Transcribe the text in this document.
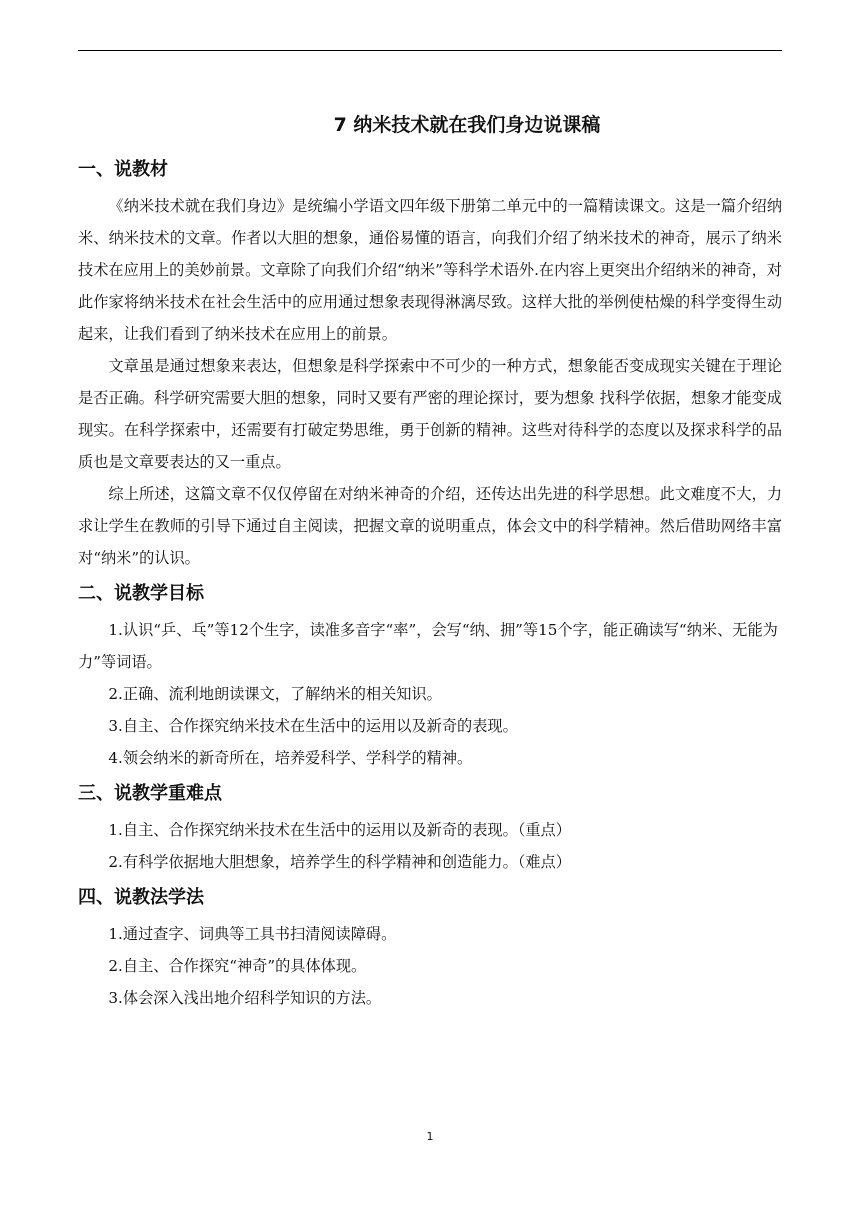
7 纳米技术就在我们身边说课稿
一、说教材

《纳米技术就在我们身边》是统编小学语文四年级下册第二单元中的一篇精读课文。这是一篇介绍纳米、纳米技术的文章。作者以大胆的想象，通俗易懂的语言，向我们介绍了纳米技术的神奇，展示了纳米技术在应用上的美妙前景。文章除了向我们介绍“纳米”等科学术语外.在内容上更突出介绍纳米的神奇，对此作家将纳米技术在社会生活中的应用通过想象表现得淋漓尽致。这样大批的举例使枯燥的科学变得生动起来，让我们看到了纳米技术在应用上的前景。

文章虽是通过想象来表达，但想象是科学探索中不可少的一种方式，想象能否变成现实关键在于理论是否正确。科学研究需要大胆的想象，同时又要有严密的理论探讨，要为想象 找科学依据，想象才能变成现实。在科学探索中，还需要有打破定势思维，勇于创新的精神。这些对待科学的态度以及探求科学的品质也是文章要表达的又一重点。

综上所述，这篇文章不仅仅停留在对纳米神奇的介绍，还传达出先进的科学思想。此文难度不大，力求让学生在教师的引导下通过自主阅读，把握文章的说明重点，体会文中的科学精神。然后借助网络丰富对“纳米”的认识。

二、说教学目标

1.认识“乒、乓”等12个生字，读准多音字“率”，会写“纳、拥”等15个字，能正确读写“纳米、无能为力”等词语。

2.正确、流利地朗读课文，了解纳米的相关知识。

3.自主、合作探究纳米技术在生活中的运用以及新奇的表现。

4.领会纳米的新奇所在，培养爱科学、学科学的精神。

三、说教学重难点

1.自主、合作探究纳米技术在生活中的运用以及新奇的表现。（重点）

2.有科学依据地大胆想象，培养学生的科学精神和创造能力。（难点）

四、说教法学法

1.通过查字、词典等工具书扫清阅读障碍。

2.自主、合作探究“神奇”的具体体现。

3.体会深入浅出地介绍科学知识的方法。

1
